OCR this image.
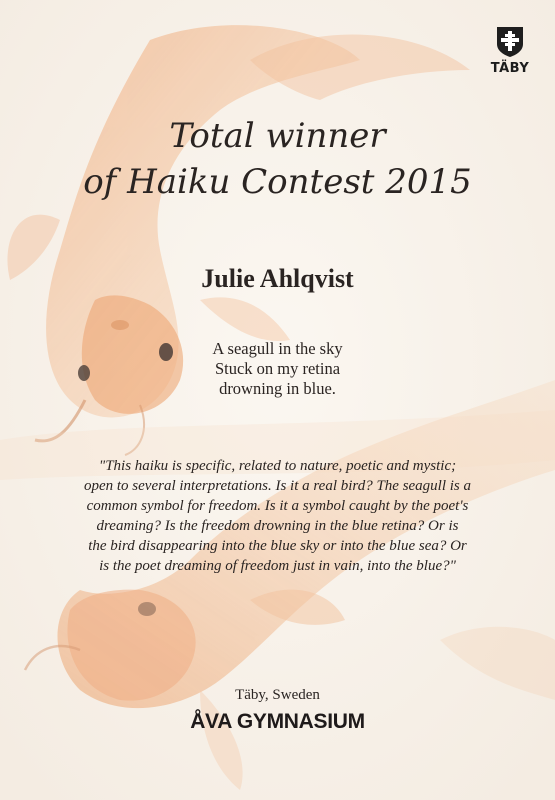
TÄBY
Total winner
of Haiku Contest 2015
Julie Ahlqvist
A seagull in the sky
Stuck on my retina
drowning in blue.
"This haiku is specific, related to nature, poetic and mystic;
open to several interpretations. Is it a real bird? The seagull is a
common symbol for freedom. Is it a symbol caught by the poet's
dreaming? Is the freedom drowning in the blue retina? Or is
the bird disappearing into the blue sky or into the blue sea? Or
is the poet dreaming of freedom just in vain, into the blue?"
Täby, Sweden
ÅVA GYMNASIUM
